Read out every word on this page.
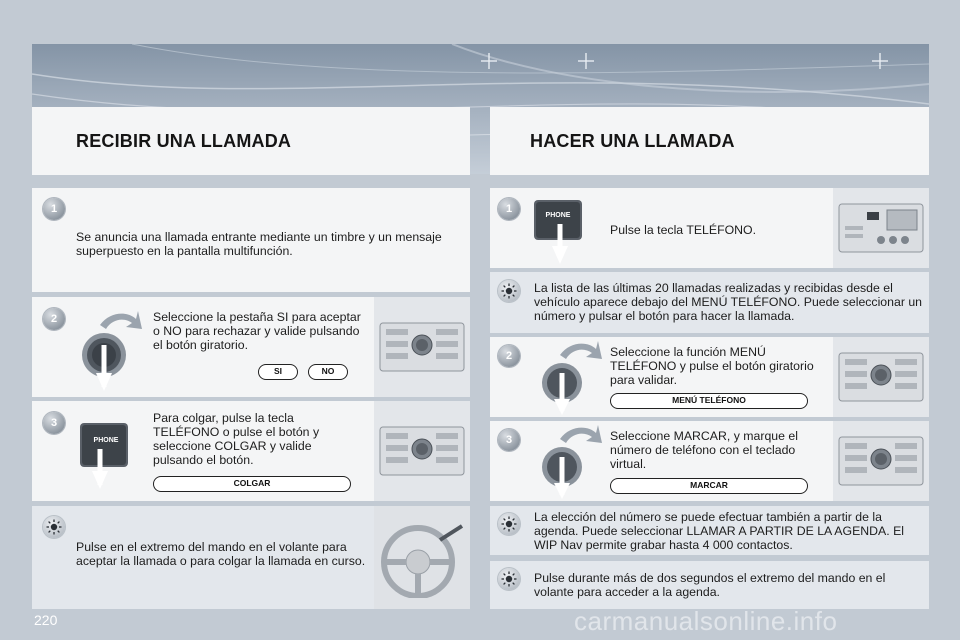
RECIBIR UNA LLAMADA	HACER UNA LLAMADA
1
Se anuncia una llamada entrante mediante un timbre y un mensaje superpuesto en la pantalla multifunción.
2	Seleccione la pestaña SI para aceptar o NO para rechazar y valide pulsando el botón giratorio.
SI	NO
3
PHONE
Para colgar, pulse la tecla TELÉFONO o pulse el botón y seleccione COLGAR y valide pulsando el botón.
COLGAR
Pulse en el extremo del mando en el volante para aceptar la llamada o para colgar la llamada en curso.
1
PHONE
Pulse la tecla TELÉFONO.
La lista de las últimas 20 llamadas realizadas y recibidas desde el vehículo aparece debajo del MENÚ TELÉFONO. Puede seleccionar un número y pulsar el botón para hacer la llamada.
2	Seleccione la función MENÚ TELÉFONO y pulse el botón giratorio para validar.
MENÚ TELÉFONO
3	Seleccione MARCAR, y marque el número de teléfono con el teclado virtual.
MARCAR
La elección del número se puede efectuar también a partir de la agenda. Puede seleccionar LLAMAR A PARTIR DE LA AGENDA. El WIP Nav permite grabar hasta 4 000 contactos.
Pulse durante más de dos segundos el extremo del mando en el volante para acceder a la agenda.
220	carmanualsonline.info
